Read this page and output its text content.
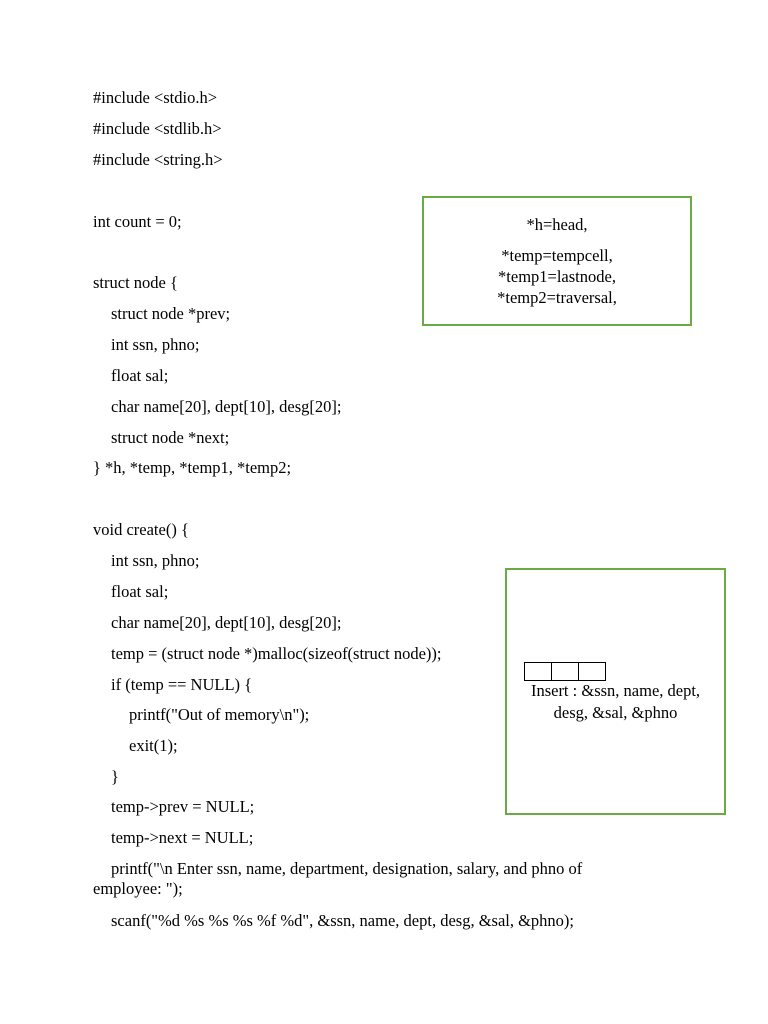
#include <stdio.h>
#include <stdlib.h>
#include <string.h>
int count = 0;
struct node {
struct node *prev;
int ssn, phno;
float sal;
char name[20], dept[10], desg[20];
struct node *next;
} *h, *temp, *temp1, *temp2;
void create() {
int ssn, phno;
float sal;
char name[20], dept[10], desg[20];
temp = (struct node *)malloc(sizeof(struct node));
if (temp == NULL) {
printf("Out of memory\n");
exit(1);
}
temp->prev = NULL;
temp->next = NULL;
printf("\n Enter ssn, name, department, designation, salary, and phno of employee: ");
scanf("%d %s %s %s %f %d", &ssn, name, dept, desg, &sal, &phno);
*h=head,
*temp=tempcell,
*temp1=lastnode,
*temp2=traversal,
Insert : &ssn, name, dept,
desg, &sal, &phno
